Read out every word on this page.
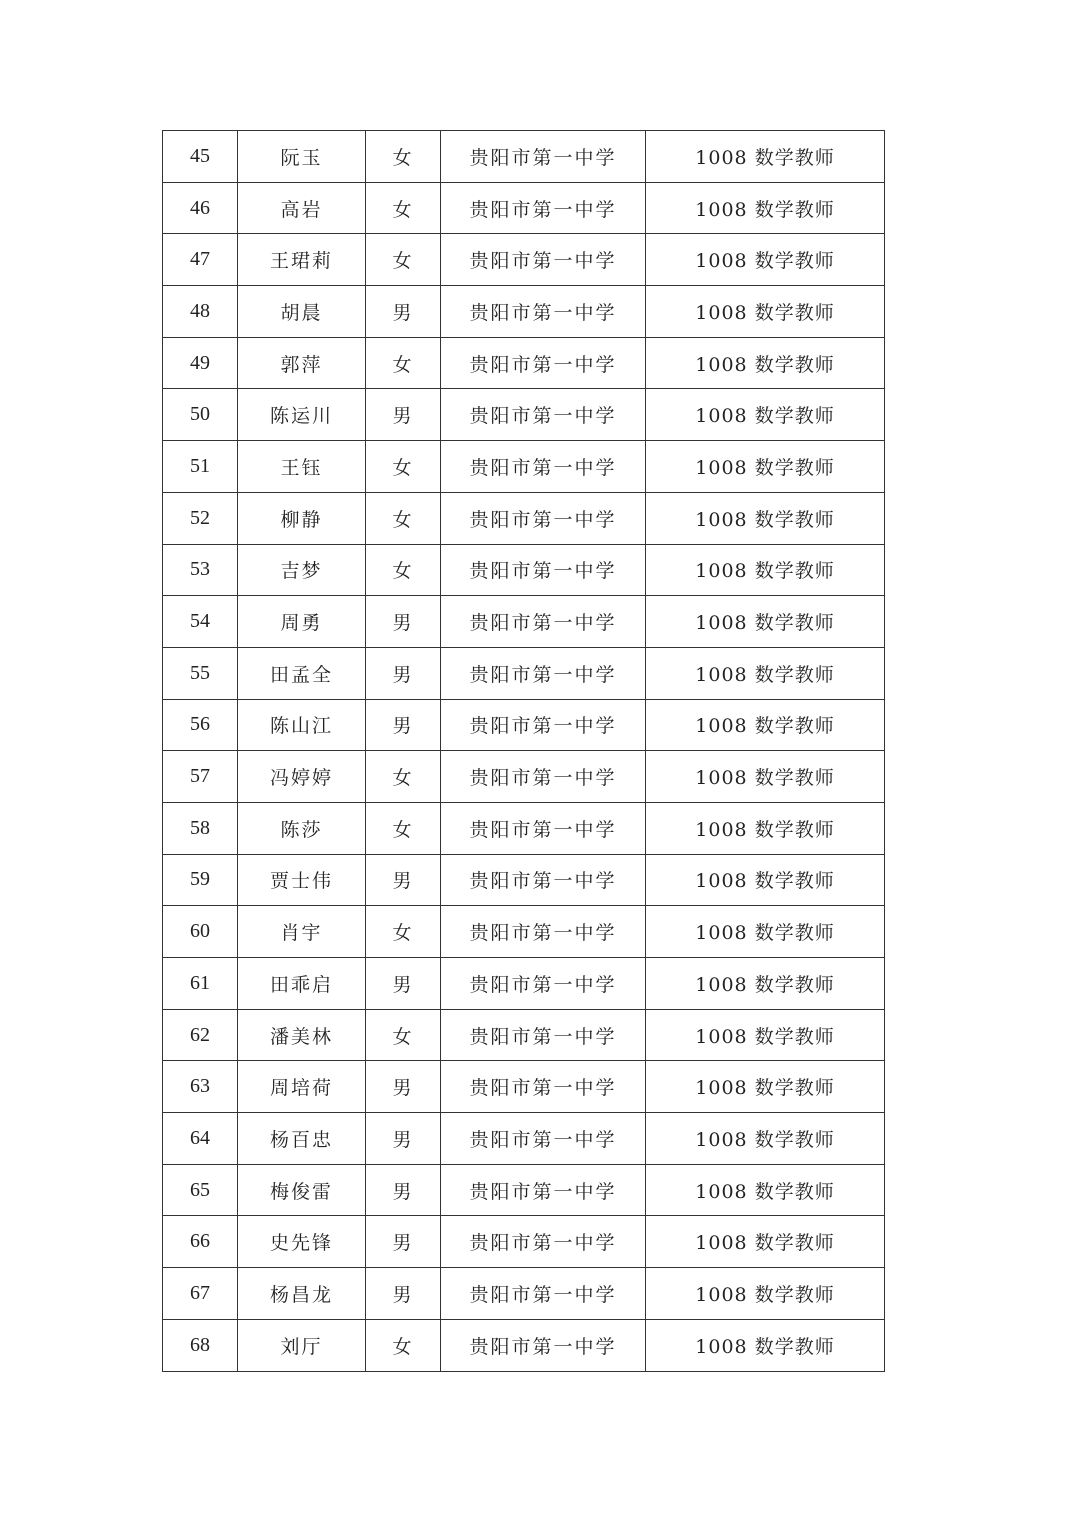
45	阮玉	女	贵阳市第一中学	1008 数学教师
46	高岩	女	贵阳市第一中学	1008 数学教师
47	王珺莉	女	贵阳市第一中学	1008 数学教师
48	胡晨	男	贵阳市第一中学	1008 数学教师
49	郭萍	女	贵阳市第一中学	1008 数学教师
50	陈运川	男	贵阳市第一中学	1008 数学教师
51	王钰	女	贵阳市第一中学	1008 数学教师
52	柳静	女	贵阳市第一中学	1008 数学教师
53	吉梦	女	贵阳市第一中学	1008 数学教师
54	周勇	男	贵阳市第一中学	1008 数学教师
55	田孟全	男	贵阳市第一中学	1008 数学教师
56	陈山江	男	贵阳市第一中学	1008 数学教师
57	冯婷婷	女	贵阳市第一中学	1008 数学教师
58	陈莎	女	贵阳市第一中学	1008 数学教师
59	贾士伟	男	贵阳市第一中学	1008 数学教师
60	肖宇	女	贵阳市第一中学	1008 数学教师
61	田乖启	男	贵阳市第一中学	1008 数学教师
62	潘美林	女	贵阳市第一中学	1008 数学教师
63	周培荷	男	贵阳市第一中学	1008 数学教师
64	杨百忠	男	贵阳市第一中学	1008 数学教师
65	梅俊雷	男	贵阳市第一中学	1008 数学教师
66	史先锋	男	贵阳市第一中学	1008 数学教师
67	杨昌龙	男	贵阳市第一中学	1008 数学教师
68	刘厅	女	贵阳市第一中学	1008 数学教师
